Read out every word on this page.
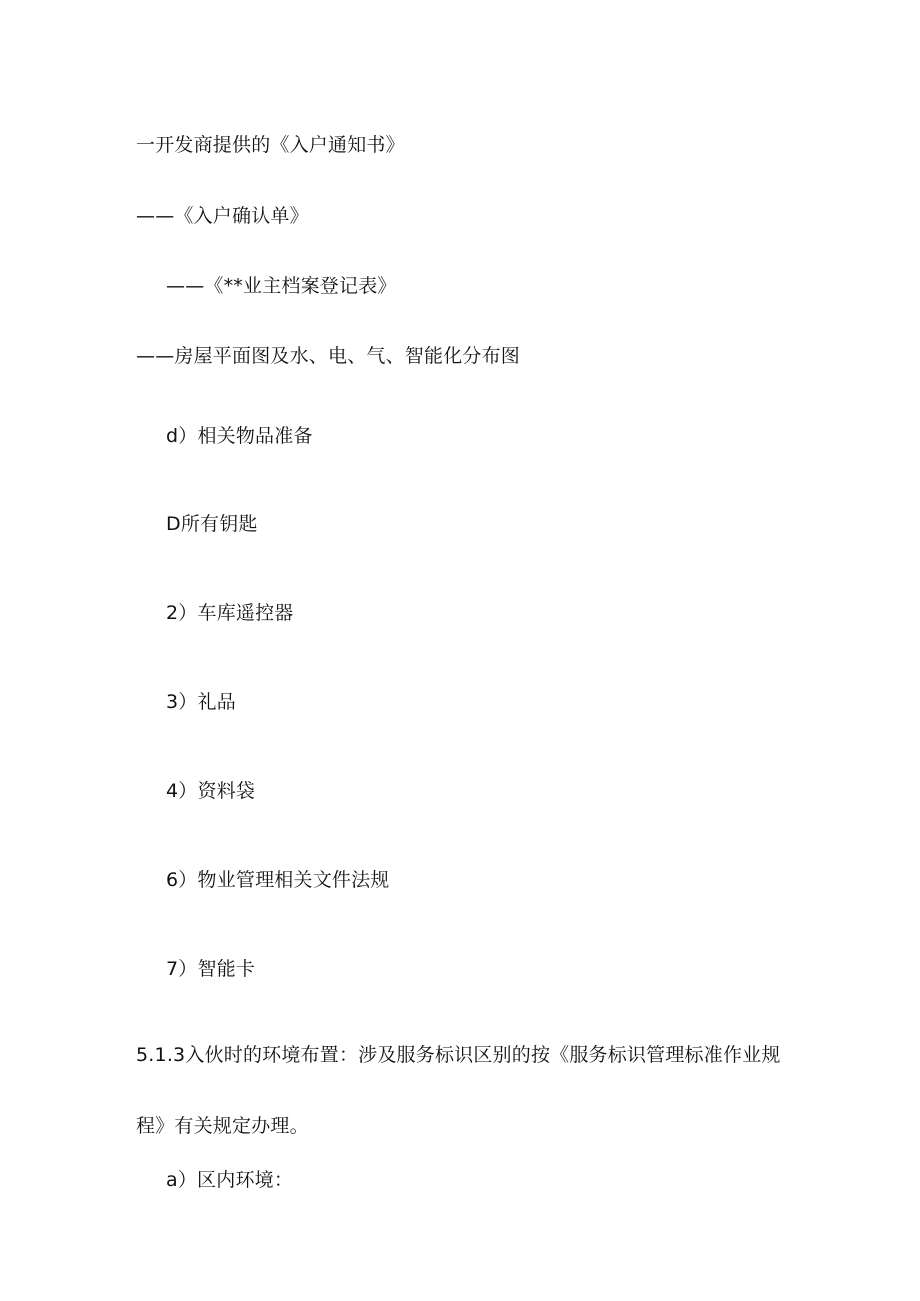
一开发商提供的《入户通知书》
——《入户确认单》
——《**业主档案登记表》
——房屋平面图及水、电、气、智能化分布图
d）相关物品准备
D所有钥匙
2）车库遥控器
3）礼品
4）资料袋
6）物业管理相关文件法规
7）智能卡
5.1.3入伙时的环境布置：涉及服务标识区别的按《服务标识管理标准作业规
程》有关规定办理。
a）区内环境：
